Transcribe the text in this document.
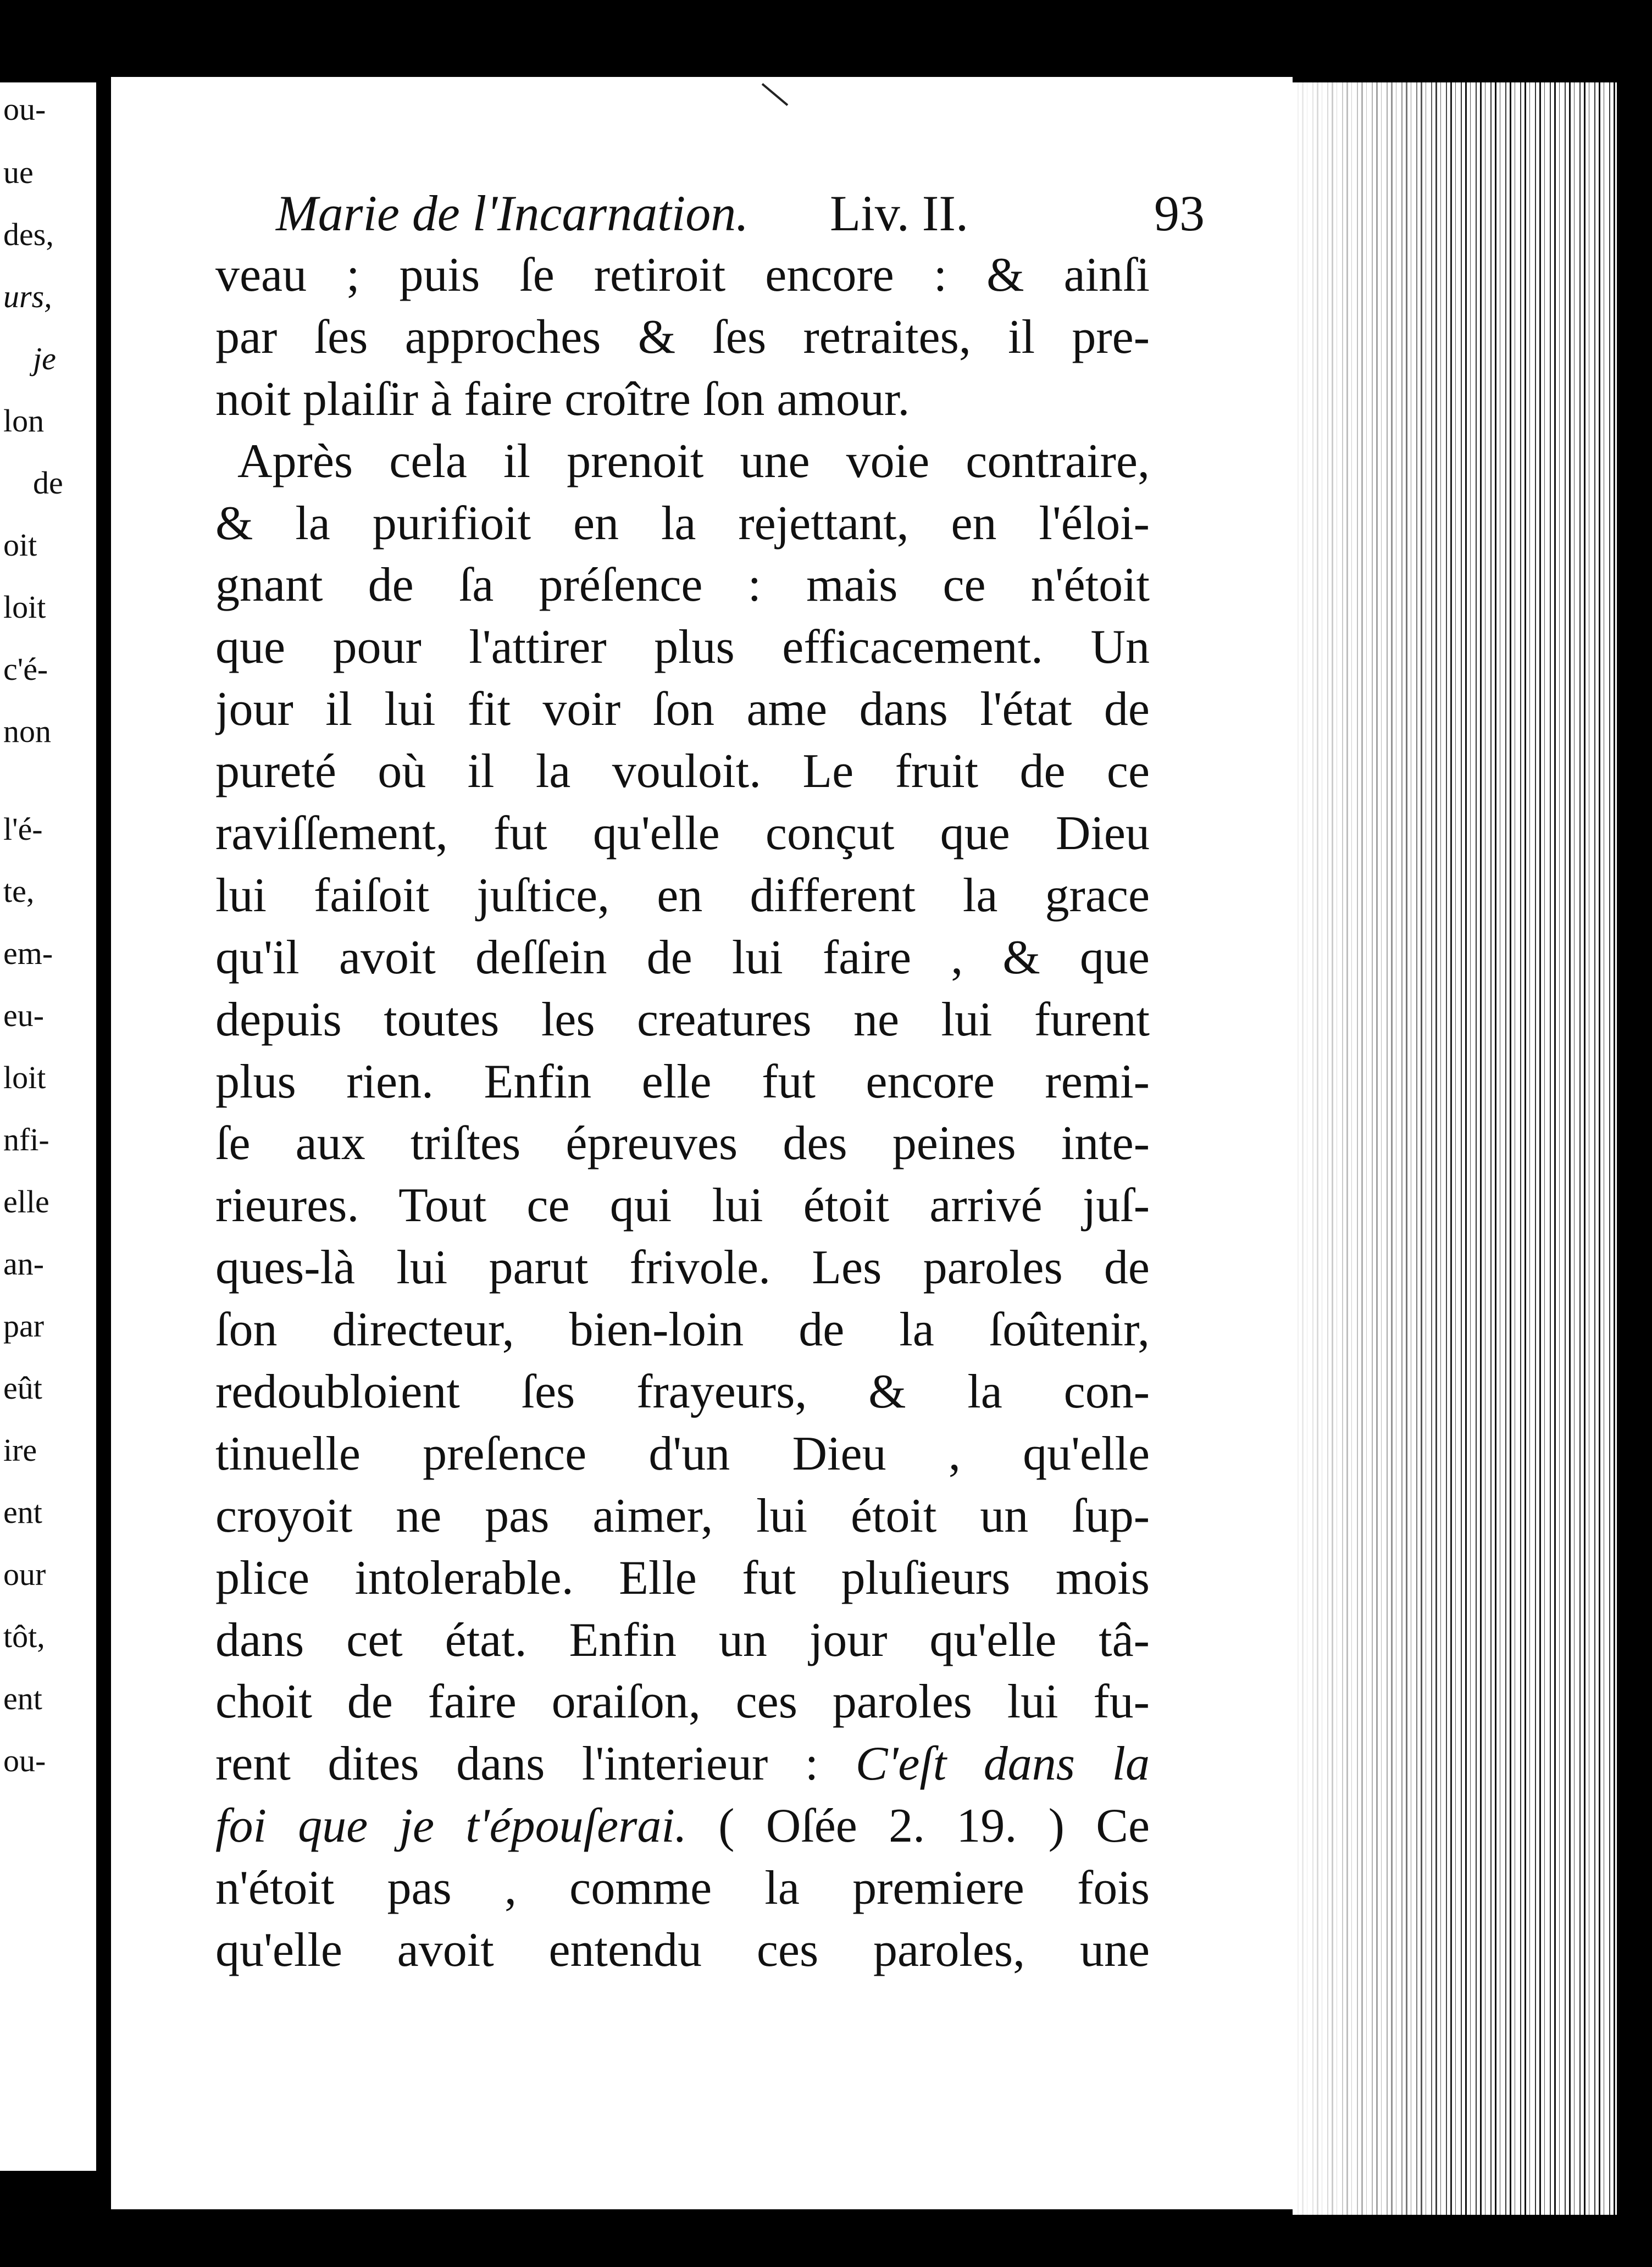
ou-
ue
des,
urs,
je
lon
de
oit
loit
c'é-
non
l'é-
te,
em-
eu-
loit
nfi-
elle
an-
par
eût
ire
ent
our
tôt,
ent
ou-
Marie de l'Incarnation. Liv. II.	93
veau ; puis ſe retiroit encore : & ainſi
par ſes approches & ſes retraites, il pre-
noit plaiſir à faire croître ſon amour.
Après cela il prenoit une voie contraire,
& la purifioit en la rejettant, en l'éloi-
gnant de ſa préſence : mais ce n'étoit
que pour l'attirer plus efficacement. Un
jour il lui fit voir ſon ame dans l'état de
pureté où il la vouloit. Le fruit de ce
raviſſement, fut qu'elle conçut que Dieu
lui faiſoit juſtice, en different la grace
qu'il avoit deſſein de lui faire , & que
depuis toutes les creatures ne lui furent
plus rien. Enfin elle fut encore remi-
ſe aux triſtes épreuves des peines inte-
rieures. Tout ce qui lui étoit arrivé juſ-
ques-là lui parut frivole. Les paroles de
ſon directeur, bien-loin de la ſoûtenir,
redoubloient ſes frayeurs, & la con-
tinuelle preſence d'un Dieu , qu'elle
croyoit ne pas aimer, lui étoit un ſup-
plice intolerable. Elle fut pluſieurs mois
dans cet état. Enfin un jour qu'elle tâ-
choit de faire oraiſon, ces paroles lui fu-
rent dites dans l'interieur : C'eſt dans la
foi que je t'épouſerai. ( Oſée 2. 19. ) Ce
n'étoit pas , comme la premiere fois
qu'elle avoit entendu ces paroles, une
